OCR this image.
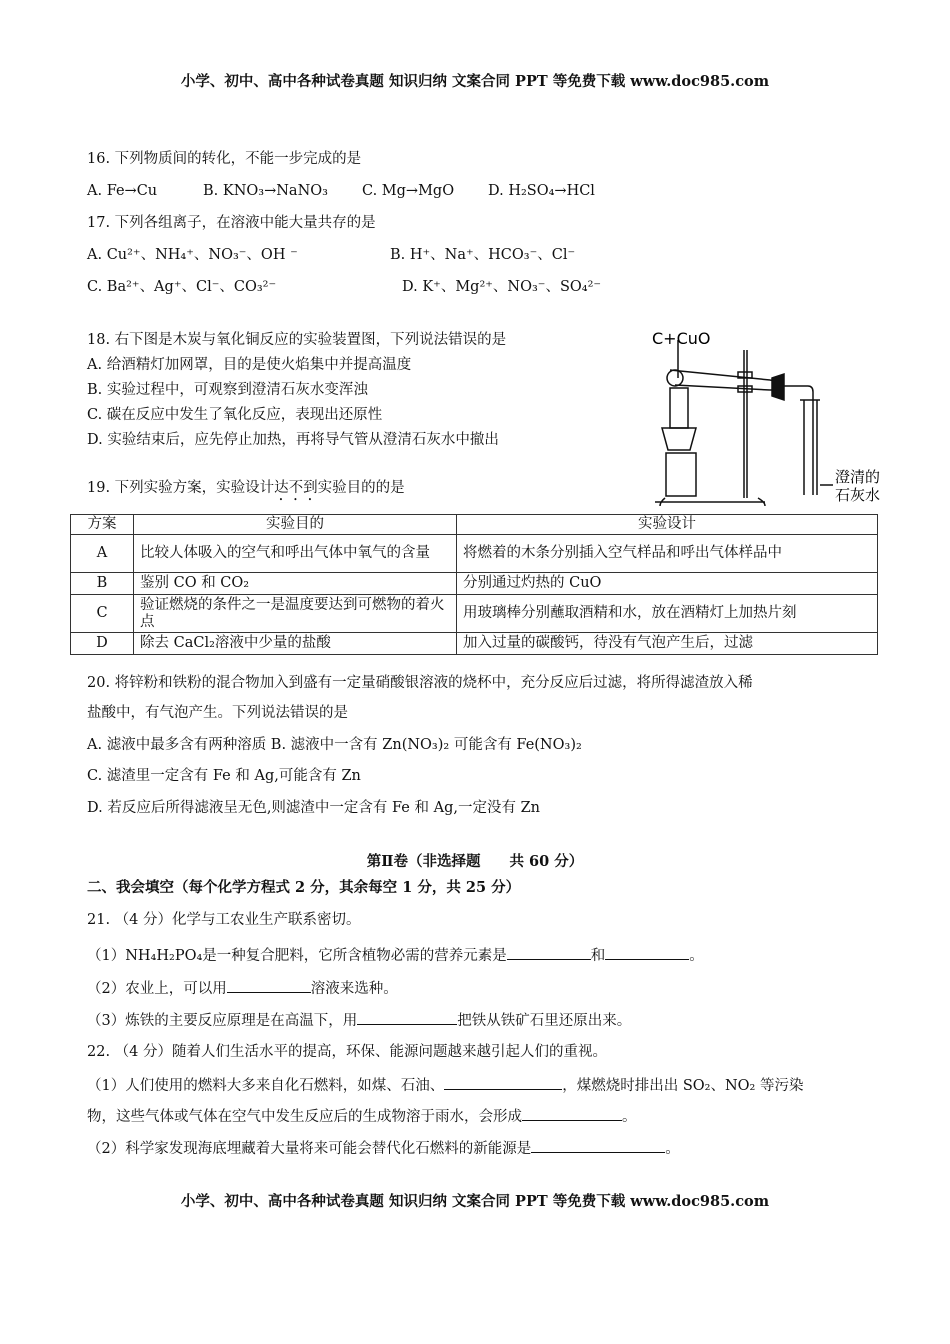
小学、初中、高中各种试卷真题 知识归纳 文案合同 PPT 等免费下载 www.doc985.com
16. 下列物质间的转化，不能一步完成的是
A. Fe→Cu	B. KNO₃→NaNO₃ C. Mg→MgO D. H₂SO₄→HCl
17. 下列各组离子，在溶液中能大量共存的是
A. Cu²⁺、NH₄⁺、NO₃⁻、OH ⁻	B. H⁺、Na⁺、HCO₃⁻、Cl⁻
C. Ba²⁺、Ag⁺、Cl⁻、CO₃²⁻	D. K⁺、Mg²⁺、NO₃⁻、SO₄²⁻
18. 右下图是木炭与氧化铜反应的实验装置图，下列说法错误的是
A. 给酒精灯加网罩，目的是使火焰集中并提高温度
B. 实验过程中，可观察到澄清石灰水变浑浊
C. 碳在反应中发生了氧化反应，表现出还原性
D. 实验结束后，应先停止加热，再将导气管从澄清石灰水中撤出
C+CuO
澄清的
石灰水
19. 下列实验方案，实验设计达不到实验目的的是
方案	实验目的	实验设计
A	比较人体吸入的空气和呼出气体中氧气的含量	将燃着的木条分别插入空气样品和呼出气体样品中
B	鉴别 CO 和 CO₂	分别通过灼热的 CuO
C	验证燃烧的条件之一是温度要达到可燃物的着火点	用玻璃棒分别蘸取酒精和水，放在酒精灯上加热片刻
D	除去 CaCl₂溶液中少量的盐酸	加入过量的碳酸钙，待没有气泡产生后，过滤
20. 将锌粉和铁粉的混合物加入到盛有一定量硝酸银溶液的烧杯中，充分反应后过滤，将所得滤渣放入稀
盐酸中，有气泡产生。下列说法错误的是
A. 滤液中最多含有两种溶质 B. 滤液中一含有 Zn(NO₃)₂ 可能含有 Fe(NO₃)₂
C. 滤渣里一定含有 Fe 和 Ag,可能含有 Zn
D. 若反应后所得滤液呈无色,则滤渣中一定含有 Fe 和 Ag,一定没有 Zn
第Ⅱ卷（非选择题　　共 60 分）
二、我会填空（每个化学方程式 2 分，其余每空 1 分，共 25 分）
21. （4 分）化学与工农业生产联系密切。
（1）NH₄H₂PO₄是一种复合肥料，它所含植物必需的营养元素是	和	。
（2）农业上，可以用	溶液来选种。
（3）炼铁的主要反应原理是在高温下，用	把铁从铁矿石里还原出来。
22. （4 分）随着人们生活水平的提高，环保、能源问题越来越引起人们的重视。
（1）人们使用的燃料大多来自化石燃料，如煤、石油、	，煤燃烧时排出出 SO₂、NO₂ 等污染
物，这些气体或气体在空气中发生反应后的生成物溶于雨水，会形成	。
（2）科学家发现海底埋藏着大量将来可能会替代化石燃料的新能源是	。
小学、初中、高中各种试卷真题 知识归纳 文案合同 PPT 等免费下载 www.doc985.com
